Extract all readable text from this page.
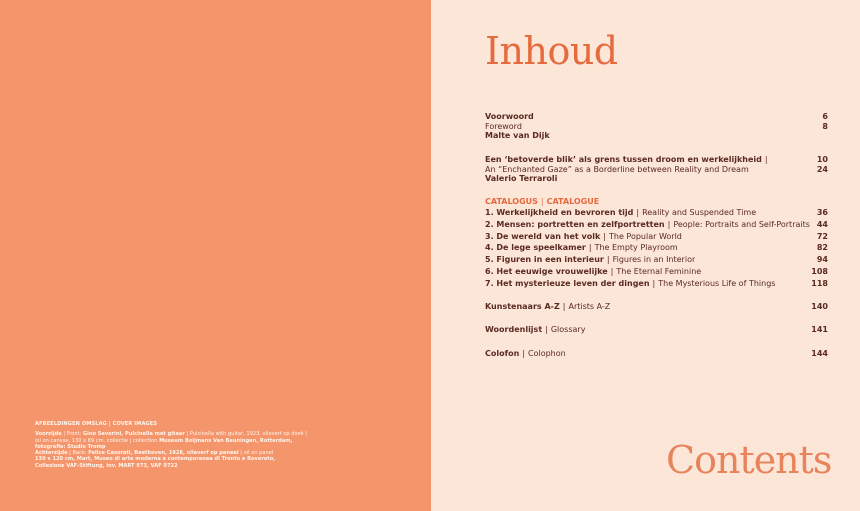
AFBEELDINGEN OMSLAG | COVER IMAGES

Voorzijde | Front: Gino Severini, Pulcinella met gitaar | Pulcinella with guitar, 1923, olieverf op doek | oil on canvas, 130 x 89 cm, collectie | collection Museum Boijmans Van Beuningen, Rotterdam, fotografie: Studio Tromp

Achterzijde | Back: Felice Casorati, Beethoven, 1928, olieverf op paneel | oil on panel

139 x 120 cm, Mart, Museo di arte moderna e contemporanea di Trento e Rovereto,

Collezione VAF-Stiftung, inv. MART 973, VAF 0722

Inhoud
Voorwoord	6
Foreword	8
Malte van Dijk
Een ‘betoverde blik’ als grens tussen droom en werkelijkheid |	10
An “Enchanted Gaze” as a Borderline between Reality and Dream	24
Valerio Terraroli
CATALOGUS | CATALOGUE
1. Werkelijkheid en bevroren tijd | Reality and Suspended Time	36
2. Mensen: portretten en zelfportretten | People: Portraits and Self-Portraits 44
3. De wereld van het volk | The Popular World	72
4. De lege speelkamer | The Empty Playroom	82
5. Figuren in een interieur | Figures in an Interior	94
6. Het eeuwige vrouwelijke | The Eternal Feminine	108
7. Het mysterieuze leven der dingen | The Mysterious Life of Things	118
Kunstenaars A-Z | Artists A-Z	140
Woordenlijst | Glossary	141
Colofon | Colophon	144
Contents
